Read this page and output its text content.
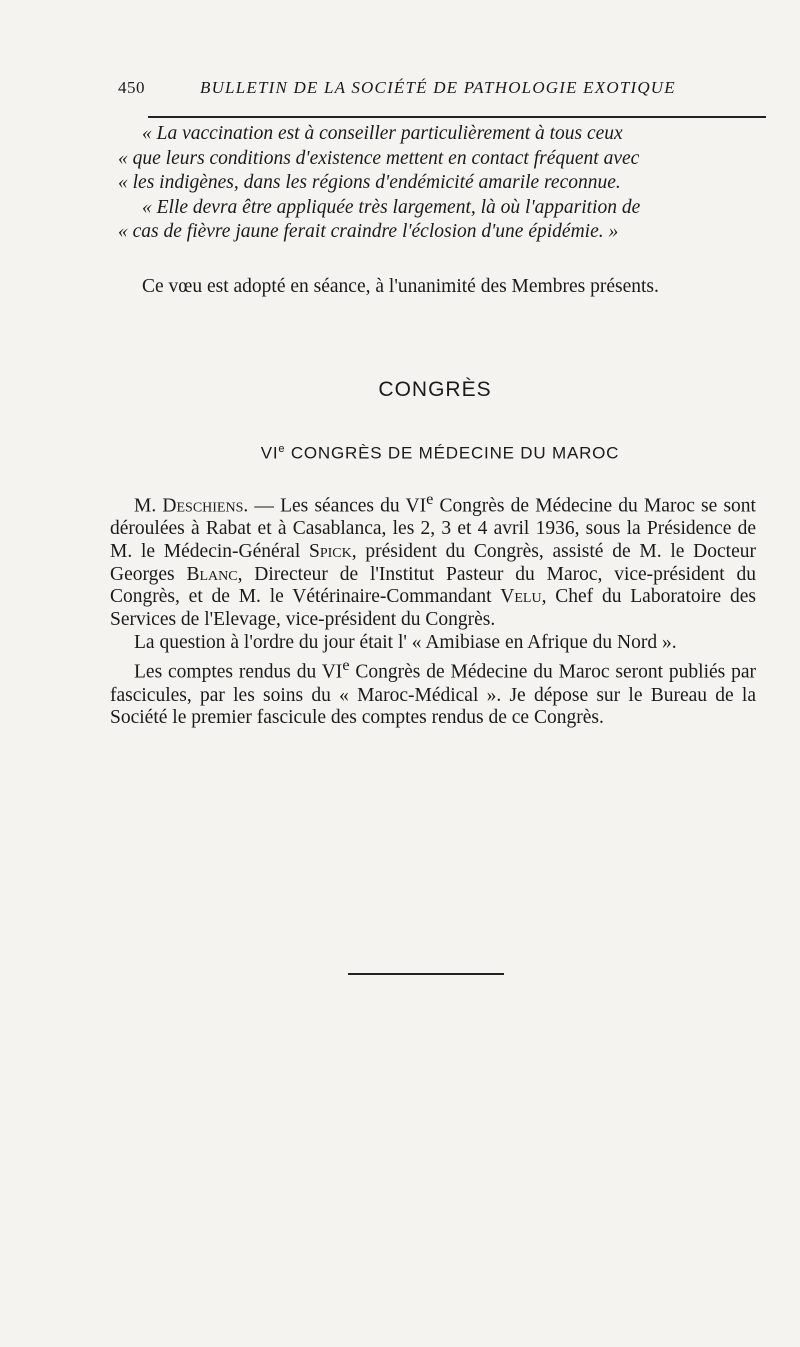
450	BULLETIN DE LA SOCIÉTÉ DE PATHOLOGIE EXOTIQUE
« La vaccination est à conseiller particulièrement à tous ceux
« que leurs conditions d'existence mettent en contact fréquent avec
« les indigènes, dans les régions d'endémicité amarile reconnue.
« Elle devra être appliquée très largement, là où l'apparition de
« cas de fièvre jaune ferait craindre l'éclosion d'une épidémie. »
Ce vœu est adopté en séance, à l'unanimité des Membres présents.
CONGRÈS
VIe CONGRÈS DE MÉDECINE DU MAROC

M. Deschiens. — Les séances du VIe Congrès de Médecine du Maroc se sont déroulées à Rabat et à Casablanca, les 2, 3 et 4 avril 1936, sous la Présidence de M. le Médecin-Général Spick, président du Congrès, assisté de M. le Docteur Georges Blanc, Directeur de l'Institut Pasteur du Maroc, vice-président du Congrès, et de M. le Vétérinaire-Commandant Velu, Chef du Laboratoire des Services de l'Elevage, vice-président du Congrès.

La question à l'ordre du jour était l' « Amibiase en Afrique du Nord ».

Les comptes rendus du VIe Congrès de Médecine du Maroc seront publiés par fascicules, par les soins du « Maroc-Médical ». Je dépose sur le Bureau de la Société le premier fascicule des comptes rendus de ce Congrès.
